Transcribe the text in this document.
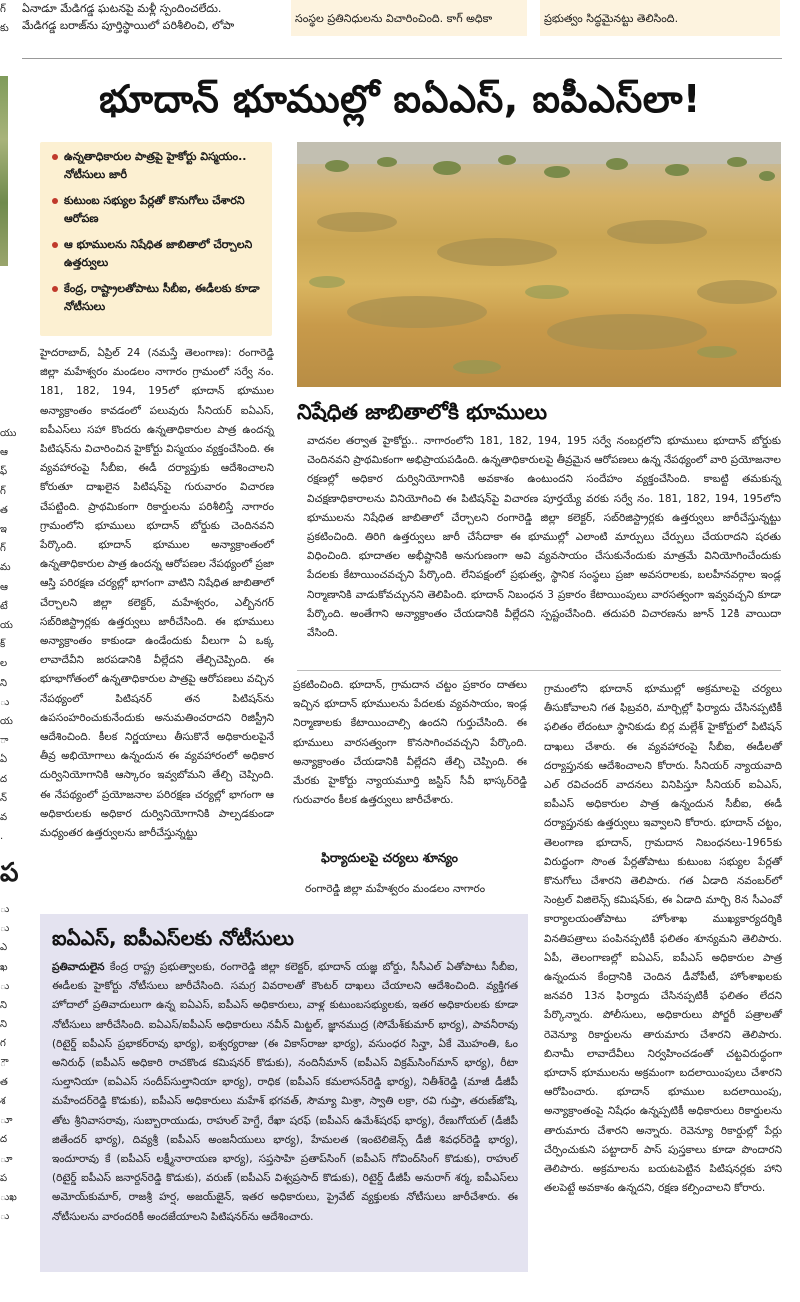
ఏనాడూ మేడిగడ్డ ఘటనపై మళ్లీ స్పందించలేదు.
మేడిగడ్డ బరాజ్‌ను పూర్తిస్థాయిలో పరిశీలించి, లోపా
సంస్థల ప్రతినిధులను విచారించింది. కాగ్‌ అధికా	ప్రభుత్వం సిద్ధమైనట్టు తెలిసింది.
గ్
కు
భూదాన్‌ భూముల్లో ఐఏఎస్‌, ఐపీఎస్‌లా!
ఉన్నతాధికారుల పాత్రపై హైకోర్టు విస్మయం.. నోటీసులు జారీ
కుటుంబ సభ్యుల పేర్లతో కొనుగోలు చేశారని ఆరోపణ
ఆ భూములను నిషేధిత జాబితాలో చేర్చాలని ఉత్తర్వులు
కేంద్ర, రాష్ట్రాలతోపాటు సీబీఐ, ఈడీలకు కూడా నోటీసులు

హైదరాబాద్‌, ఏప్రిల్‌ 24 (నమస్తే తెలంగాణ): రంగారెడ్డి జిల్లా మహేశ్వరం మండలం నాగారం గ్రామంలో సర్వే నం. 181, 182, 194, 195లో భూదాన్‌ భూముల అన్యాక్రాంతం కావడంలో పలువురు సీనియర్‌ ఐఏఎస్‌, ఐపీఎస్‌లు సహా కొందరు ఉన్నతాధికారుల పాత్ర ఉందన్న పిటిషన్‌ను విచారించిన హైకోర్టు విస్మయం వ్యక్తంచేసింది. ఈ వ్యవహారంపై సీబీఐ, ఈడీ దర్యాప్తుకు ఆదేశించాలని కోరుతూ దాఖలైన పిటిషన్‌పై గురువారం విచారణ చేపట్టింది. ప్రాథమికంగా రికార్డులను పరిశీలిస్తే నాగారం గ్రామంలోని భూములు భూదాన్‌ బోర్డుకు చెందినవని పేర్కొంది. భూదాన్‌ భూముల అన్యాక్రాంతంలో ఉన్నతాధికారుల పాత్ర ఉందన్న ఆరోపణల నేపథ్యంలో ప్రజా ఆస్తి పరిరక్షణ చర్యల్లో భాగంగా వాటిని నిషేధిత జాబితాలో చేర్చాలని జిల్లా కలెక్టర్‌, మహేశ్వరం, ఎల్బీనగర్‌ సబ్‌రిజిస్ట్రార్లకు ఉత్తర్వులు జారీచేసింది. ఈ భూములు అన్యాక్రాంతం కాకుండా ఉండేందుకు వీలుగా ఏ ఒక్క లావాదేవీని జరపడానికి వీల్లేదని తేల్చిచెప్పింది. ఈ భూభాగోతంలో ఉన్నతాధికారుల పాత్రపై ఆరోపణలు వచ్చిన నేపథ్యంలో పిటిషనర్‌ తన పిటిషన్‌ను ఉపసంహరించుకునేందుకు అనుమతించరాదని రిజిస్ట్రీని ఆదేశించింది. కీలక నిర్ణయాలు తీసుకొనే అధికారులపైనే తీవ్ర అభియోగాలు ఉన్నందున ఈ వ్యవహారంలో అధికార దుర్వినియోగానికి ఆస్కారం ఇవ్వబోమని తేల్చి చెప్పింది. ఈ నేపథ్యంలో ప్రయోజనాల పరిరక్షణ చర్యల్లో భాగంగా ఆ అధికారులకు అధికార దుర్వినియోగానికి పాల్పడకుండా మధ్యంతర ఉత్తర్వులను జారీచేస్తున్నట్టు

యు
ఆ
ఫ్
గ్
త
ఇ
గ్
మ
ఆ
టే
య
క్
ల
ని
ు
య
ా
ఏ
ద
న్
వ
.
ప
ు
ు
ఎ
ఖ
ు
ని
ని
గ
ౌ
త
శ
ూ
ద
ూ
ప
ుఖ
ు
నిషేధిత జాబితాలోకి భూములు

వాదనల తర్వాత హైకోర్టు.. నాగారంలోని 181, 182, 194, 195 సర్వే నంబర్లలోని భూములు భూదాన్‌ బోర్డుకు చెందినవని ప్రాథమికంగా అభిప్రాయపడింది. ఉన్నతాధికారులపై తీవ్రమైన ఆరోపణలు ఉన్న నేపథ్యంలో వారి ప్రయోజనాల రక్షణల్లో అధికార దుర్వినియోగానికి అవకాశం ఉంటుందని సందేహం వ్యక్తంచేసింది. కాబట్టి తమకున్న విచక్షణాధికారాలను వినియోగించి ఈ పిటిషన్‌పై విచారణ పూర్తయ్యే వరకు సర్వే నం. 181, 182, 194, 195లోని భూములను నిషేధిత జాబితాలో చేర్చాలని రంగారెడ్డి జిల్లా కలెక్టర్‌, సబ్‌రిజిస్ట్రార్లకు ఉత్తర్వులు జారీచేస్తున్నట్టు ప్రకటించింది. తిరిగి ఉత్తర్వులు జారీ చేసేదాకా ఈ భూముల్లో ఎలాంటి మార్పులు చేర్పులు చేయరాదని షరతు విధించింది. భూదాతల అభీష్టానికి అనుగుణంగా అవి వ్యవసాయం చేసుకునేందుకు మాత్రమే వినియోగించేందుకు పేదలకు కేటాయించవచ్చని పేర్కొంది. లేనిపక్షంలో ప్రభుత్వ, స్థానిక సంస్థలు ప్రజా అవసరాలకు, బలహీనవర్గాల ఇండ్ల నిర్మాణానికి వాడుకోవచ్చునని తెలిపింది. భూదాన్‌ నిబంధన 3 ప్రకారం కేటాయింపులు వారసత్వంగా ఇవ్వవచ్చని కూడా పేర్కొంది. అంతేగాని అన్యాక్రాంతం చేయడానికి వీల్లేదని స్పష్టంచేసింది. తదుపరి విచారణను జూన్‌ 12కి వాయిదా వేసింది.

ప్రకటించింది. భూదాన్‌, గ్రామదాన చట్టం ప్రకారం దాతలు ఇచ్చిన భూదాన్‌ భూములను పేదలకు వ్యవసాయం, ఇండ్ల నిర్మాణాలకు కేటాయించాల్సి ఉందని గుర్తుచేసింది. ఈ భూములు వారసత్వంగా కొనసాగించవచ్చని పేర్కొంది. అన్యాక్రాంతం చేయడానికి వీల్లేదని తేల్చి చెప్పింది. ఈ మేరకు హైకోర్టు న్యాయమూర్తి జస్టిస్‌ సీవీ భాస్కర్‌రెడ్డి గురువారం కీలక ఉత్తర్వులు జారీచేశారు.

ఫిర్యాదులపై చర్యలు శూన్యం
రంగారెడ్డి జిల్లా మహేశ్వరం మండలం నాగారం

గ్రామంలోని భూదాన్‌ భూముల్లో అక్రమాలపై చర్యలు తీసుకోవాలని గత ఫిబ్రవరి, మార్చిల్లో ఫిర్యాదు చేసినప్పటికీ ఫలితం లేదంటూ స్థానికుడు బిర్ల మల్లేశ్‌ హైకోర్టులో పిటిషన్‌ దాఖలు చేశారు. ఈ వ్యవహారంపై సీబీఐ, ఈడీలతో దర్యాప్తునకు ఆదేశించాలని కోరారు. సీనియర్‌ న్యాయవాది ఎల్‌ రవిచందర్‌ వాదనలు వినిపిస్తూ సీనియర్‌ ఐఏఎస్‌, ఐపీఎస్‌ అధికారుల పాత్ర ఉన్నందున సీబీఐ, ఈడీ దర్యాప్తునకు ఉత్తర్వులు ఇవ్వాలని కోరారు. భూదాన్‌ చట్టం, తెలంగాణ భూదాన్‌, గ్రామదాన నిబంధనలు-1965కు విరుద్ధంగా సొంత పేర్లతోపాటు కుటుంబ సభ్యుల పేర్లతో కొనుగోలు చేశారని తెలిపారు. గత ఏడాది నవంబర్‌లో సెంట్రల్‌ విజిలెన్స్‌ కమిషన్‌కు, ఈ ఏడాది మార్చి 8న సీఎంవో కార్యాలయంతోపాటు హోంశాఖ ముఖ్యకార్యదర్శికి వినతిపత్రాలు పంపినప్పటికీ ఫలితం శూన్యమని తెలిపారు. ఏపీ, తెలంగాణల్లో ఐఏఎస్‌, ఐపీఎస్‌ అధికారుల పాత్ర ఉన్నందున కేంద్రానికి చెందిన డీవోపీటీ, హోంశాఖలకు జనవరి 13న ఫిర్యాదు చేసినప్పటికీ ఫలితం లేదని పేర్కొన్నారు. పోలీసులు, అధికారులు పోర్జరీ పత్రాలతో రెవెన్యూ రికార్డులను తారుమారు చేశారని తెలిపారు. బినామీ లావాదేవీలు నిర్వహించడంతో చట్టవిరుద్ధంగా భూదాన్‌ భూములను అక్రమంగా బదలాయింపులు చేశారని ఆరోపించారు. భూదాన్‌ భూముల బదలాయింపు, అన్యాక్రాంతంపై నిషేధం ఉన్నప్పటికీ అధికారులు రికార్డులను తారుమారు చేశారని అన్నారు. రెవెన్యూ రికార్డుల్లో పేర్లు చేర్పించుకుని పట్టాదార్‌ పాస్‌ పుస్తకాలు కూడా పొందారని తెలిపారు. అక్రమాలను బయటపెట్టిన పిటిషనర్లకు హాని తలపెట్టే అవకాశం ఉన్నదని, రక్షణ కల్పించాలని కోరారు.

ఐఏఎస్‌, ఐపీఎస్‌లకు నోటీసులు

ప్రతివాదులైన కేంద్ర రాష్ట్ర ప్రభుత్వాలకు, రంగారెడ్డి జిల్లా కలెక్టర్‌, భూదాన్‌ యజ్ఞ బోర్డు, సీసీఎల్‌ ఏతోపాటు సీబీఐ, ఈడీలకు హైకోర్టు నోటీసులు జారీచేసింది. సమగ్ర వివరాలతో కౌంటర్‌ దాఖలు చేయాలని ఆదేశించింది. వ్యక్తిగత హోదాలో ప్రతివాదులుగా ఉన్న ఐఏఎస్‌, ఐపీఎస్‌ అధికారులు, వాళ్ల కుటుంబసభ్యులకు, ఇతర అధికారులకు కూడా నోటీసులు జారీచేసింది. ఐఏఎస్‌/ఐపీఎస్‌ అధికారులు నవీన్‌ మిట్టల్‌, జ్ఞానముద్ర (సోమేశ్‌కుమార్‌ భార్య), పావనీరావు (రిటైర్డ్‌ ఐపీఎస్‌ ప్రభాకర్‌రావు భార్య), ఐశ్వర్యరాజు (ఈ వికాస్‌రాజు భార్య), వసుంధర సిన్హా, ఏకే మొహంతి, ఓం అనిరుధ్‌ (ఐపీఎస్‌ అధికారి రాచకొండ కమిషనర్‌ కొడుకు), నందినీమాన్‌ (ఐపీఎస్‌ విక్రమ్‌సింగ్‌మాన్‌ భార్య), రీటా సుల్తానియా (ఐఏఎస్‌ సందీప్‌సుల్తానియా భార్య), రాధిక (ఐపీఎస్‌ కమలాసన్‌రెడ్డి భార్య), నితీశ్‌రెడ్డి (మాజీ డీజీపీ మహేందర్‌రెడ్డి కొడుకు), ఐపీఎస్‌ అధికారులు మహేశ్‌ భగవత్‌, సౌమ్యా మిశ్రా, స్వాతి లక్రా, రవి గుప్తా, తరుణ్‌జోషి, తోట శ్రీనివాసరావు, సుబ్బారాయుడు, రాహుల్‌ హెగ్డే, రేఖా షరఫ్‌ (ఐపీఎస్‌ ఉమేశ్‌షరఫ్‌ భార్య), రేణుగోయల్‌ (డీజీపీ జితేందర్‌ భార్య), దివ్యశ్రీ (ఐపీఎస్‌ అంజనీయులు భార్య), హేమలత (ఇంటెలిజెన్స్‌ డీజీ శివధర్‌రెడ్డి భార్య), ఇందూరావు కే (ఐపీఎస్‌ లక్ష్మీనారాయణ భార్య), సప్తసాహి ప్రతాప్‌సింగ్‌ (ఐపీఎస్‌ గోవింద్‌సింగ్‌ కొడుకు), రాహుల్‌ (రిటైర్డ్‌ ఐపీఎస్‌ జనార్దన్‌రెడ్డి కొడుకు), వరుణ్‌ (ఐపీఎస్‌ విశ్వప్రసాద్‌ కొడుకు), రిటైర్డ్‌ డీజీపీ అనురాగ్‌ శర్మ, ఐపీఎస్‌లు అమోయ్‌కుమార్‌, రాజశ్రీ హర్ష, అజయ్‌జైన్‌, ఇతర అధికారులు, ప్రైవేట్‌ వ్యక్తులకు నోటీసులు జారీచేశారు. ఈ నోటీసులను వారందరికీ అందజేయాలని పిటిషనర్‌ను ఆదేశించారు.
